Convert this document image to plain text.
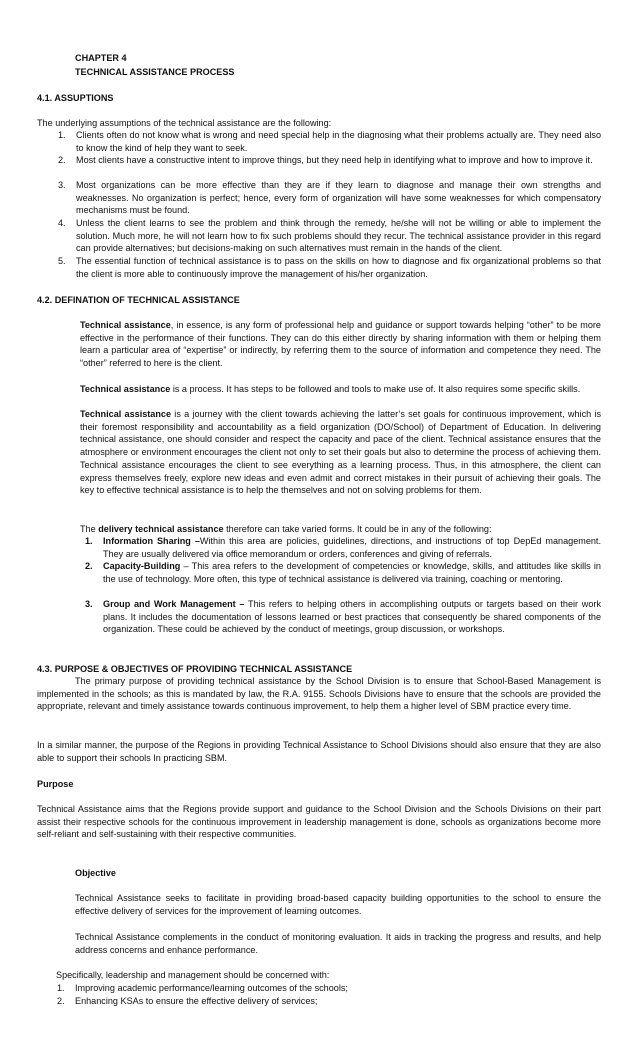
CHAPTER 4
TECHNICAL ASSISTANCE PROCESS
4.1. ASSUPTIONS
The underlying assumptions of the technical assistance are the following:
1. Clients often do not know what is wrong and need special help in the diagnosing what their problems actually are. They need also to know the kind of help they want to seek.
2. Most clients have a constructive intent to improve things, but they need help in identifying what to improve and how to improve it.
3. Most organizations can be more effective than they are if they learn to diagnose and manage their own strengths and weaknesses. No organization is perfect; hence, every form of organization will have some weaknesses for which compensatory mechanisms must be found.
4. Unless the client learns to see the problem and think through the remedy, he/she will not be willing or able to implement the solution. Much more, he will not learn how to fix such problems should they recur. The technical assistance provider in this regard can provide alternatives; but decisions-making on such alternatives must remain in the hands of the client.
5. The essential function of technical assistance is to pass on the skills on how to diagnose and fix organizational problems so that the client is more able to continuously improve the management of his/her organization.
4.2. DEFINATION OF TECHNICAL ASSISTANCE
Technical assistance, in essence, is any form of professional help and guidance or support towards helping “other” to be more effective in the performance of their functions. They can do this either directly by sharing information with them or helping them learn a particular area of “expertise” or indirectly, by referring them to the source of information and competence they need. The “other” referred to here is the client.
Technical assistance is a process. It has steps to be followed and tools to make use of. It also requires some specific skills.
Technical assistance is a journey with the client towards achieving the latter’s set goals for continuous improvement, which is their foremost responsibility and accountability as a field organization (DO/School) of Department of Education. In delivering technical assistance, one should consider and respect the capacity and pace of the client. Technical assistance ensures that the atmosphere or environment encourages the client not only to set their goals but also to determine the process of achieving them. Technical assistance encourages the client to see everything as a learning process. Thus, in this atmosphere, the client can express themselves freely, explore new ideas and even admit and correct mistakes in their pursuit of achieving their goals. The key to effective technical assistance is to help the themselves and not on solving problems for them.
The delivery technical assistance therefore can take varied forms. It could be in any of the following:
1. Information Sharing –Within this area are policies, guidelines, directions, and instructions of top DepEd management. They are usually delivered via office memorandum or orders, conferences and giving of referrals.
2. Capacity-Building – This area refers to the development of competencies or knowledge, skills, and attitudes like skills in the use of technology. More often, this type of technical assistance is delivered via training, coaching or mentoring.
3. Group and Work Management – This refers to helping others in accomplishing outputs or targets based on their work plans. It includes the documentation of lessons learned or best practices that consequently be shared components of the organization. These could be achieved by the conduct of meetings, group discussion, or workshops.
4.3. PURPOSE & OBJECTIVES OF PROVIDING TECHNICAL ASSISTANCE
The primary purpose of providing technical assistance by the School Division is to ensure that School-Based Management is implemented in the schools; as this is mandated by law, the R.A. 9155. Schools Divisions have to ensure that the schools are provided the appropriate, relevant and timely assistance towards continuous improvement, to help them a higher level of SBM practice every time.
In a similar manner, the purpose of the Regions in providing Technical Assistance to School Divisions should also ensure that they are also able to support their schools In practicing SBM.
Purpose
Technical Assistance aims that the Regions provide support and guidance to the School Division and the Schools Divisions on their part assist their respective schools for the continuous improvement in leadership management is done, schools as organizations become more self-reliant and self-sustaining with their respective communities.
Objective
Technical Assistance seeks to facilitate in providing broad-based capacity building opportunities to the school to ensure the effective delivery of services for the improvement of learning outcomes.
Technical Assistance complements in the conduct of monitoring evaluation. It aids in tracking the progress and results, and help address concerns and enhance performance.
Specifically, leadership and management should be concerned with:
1. Improving academic performance/learning outcomes of the schools;
2. Enhancing KSAs to ensure the effective delivery of services;
